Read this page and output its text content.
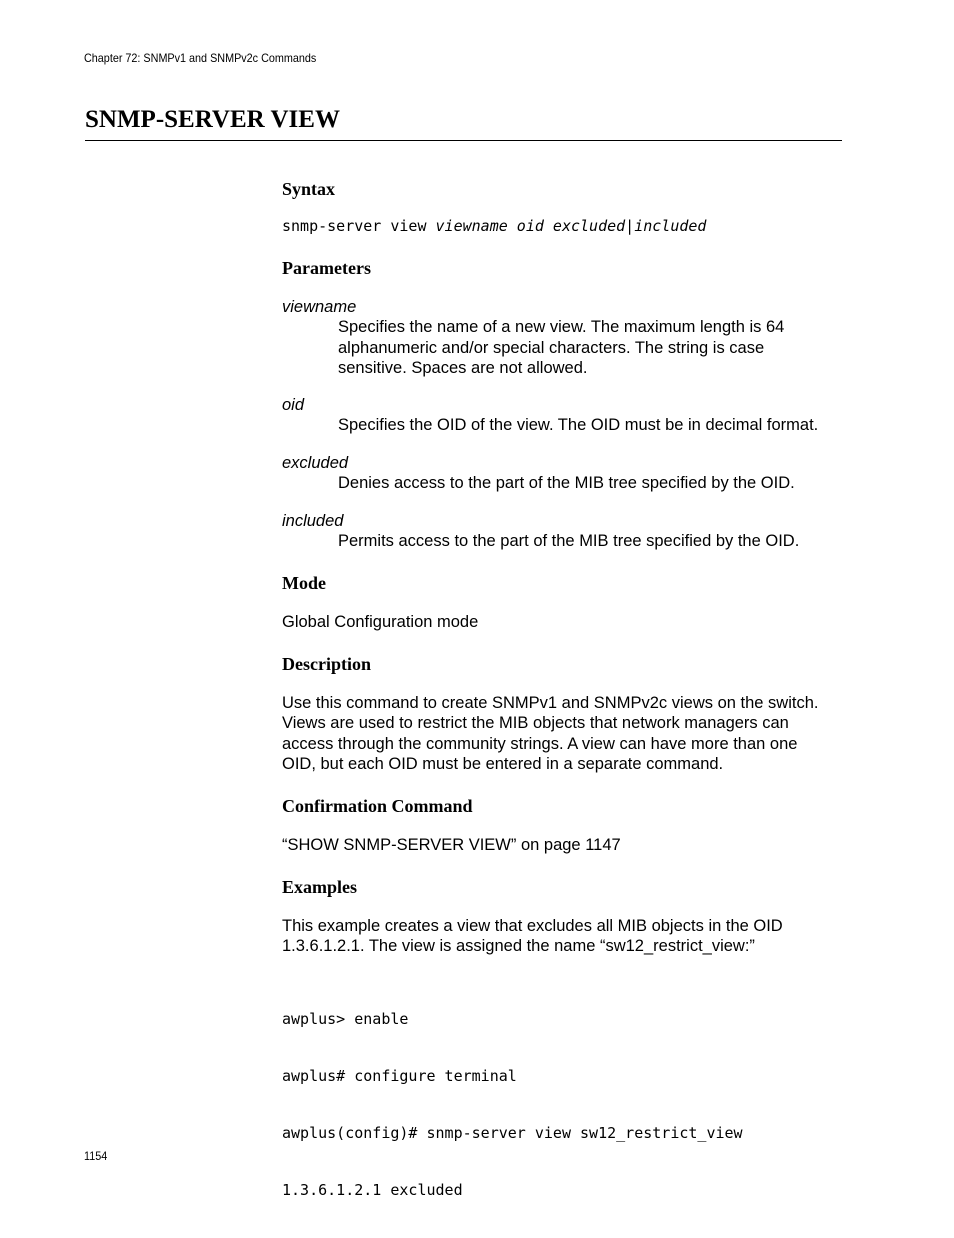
Chapter 72: SNMPv1 and SNMPv2c Commands
SNMP-SERVER VIEW
Syntax
snmp-server view viewname oid excluded|included
Parameters
viewname
Specifies the name of a new view. The maximum length is 64
alphanumeric and/or special characters. The string is case
sensitive. Spaces are not allowed.
oid
Specifies the OID of the view. The OID must be in decimal format.
excluded
Denies access to the part of the MIB tree specified by the OID.
included
Permits access to the part of the MIB tree specified by the OID.
Mode

Global Configuration mode

Description
Use this command to create SNMPv1 and SNMPv2c views on the switch.
Views are used to restrict the MIB objects that network managers can
access through the community strings. A view can have more than one
OID, but each OID must be entered in a separate command.
Confirmation Command

“SHOW SNMP-SERVER VIEW” on page 1147

Examples
This example creates a view that excludes all MIB objects in the OID
1.3.6.1.2.1. The view is assigned the name “sw12_restrict_view:”

awplus> enable

awplus# configure terminal

awplus(config)# snmp-server view sw12_restrict_view

1.3.6.1.2.1 excluded

1154
